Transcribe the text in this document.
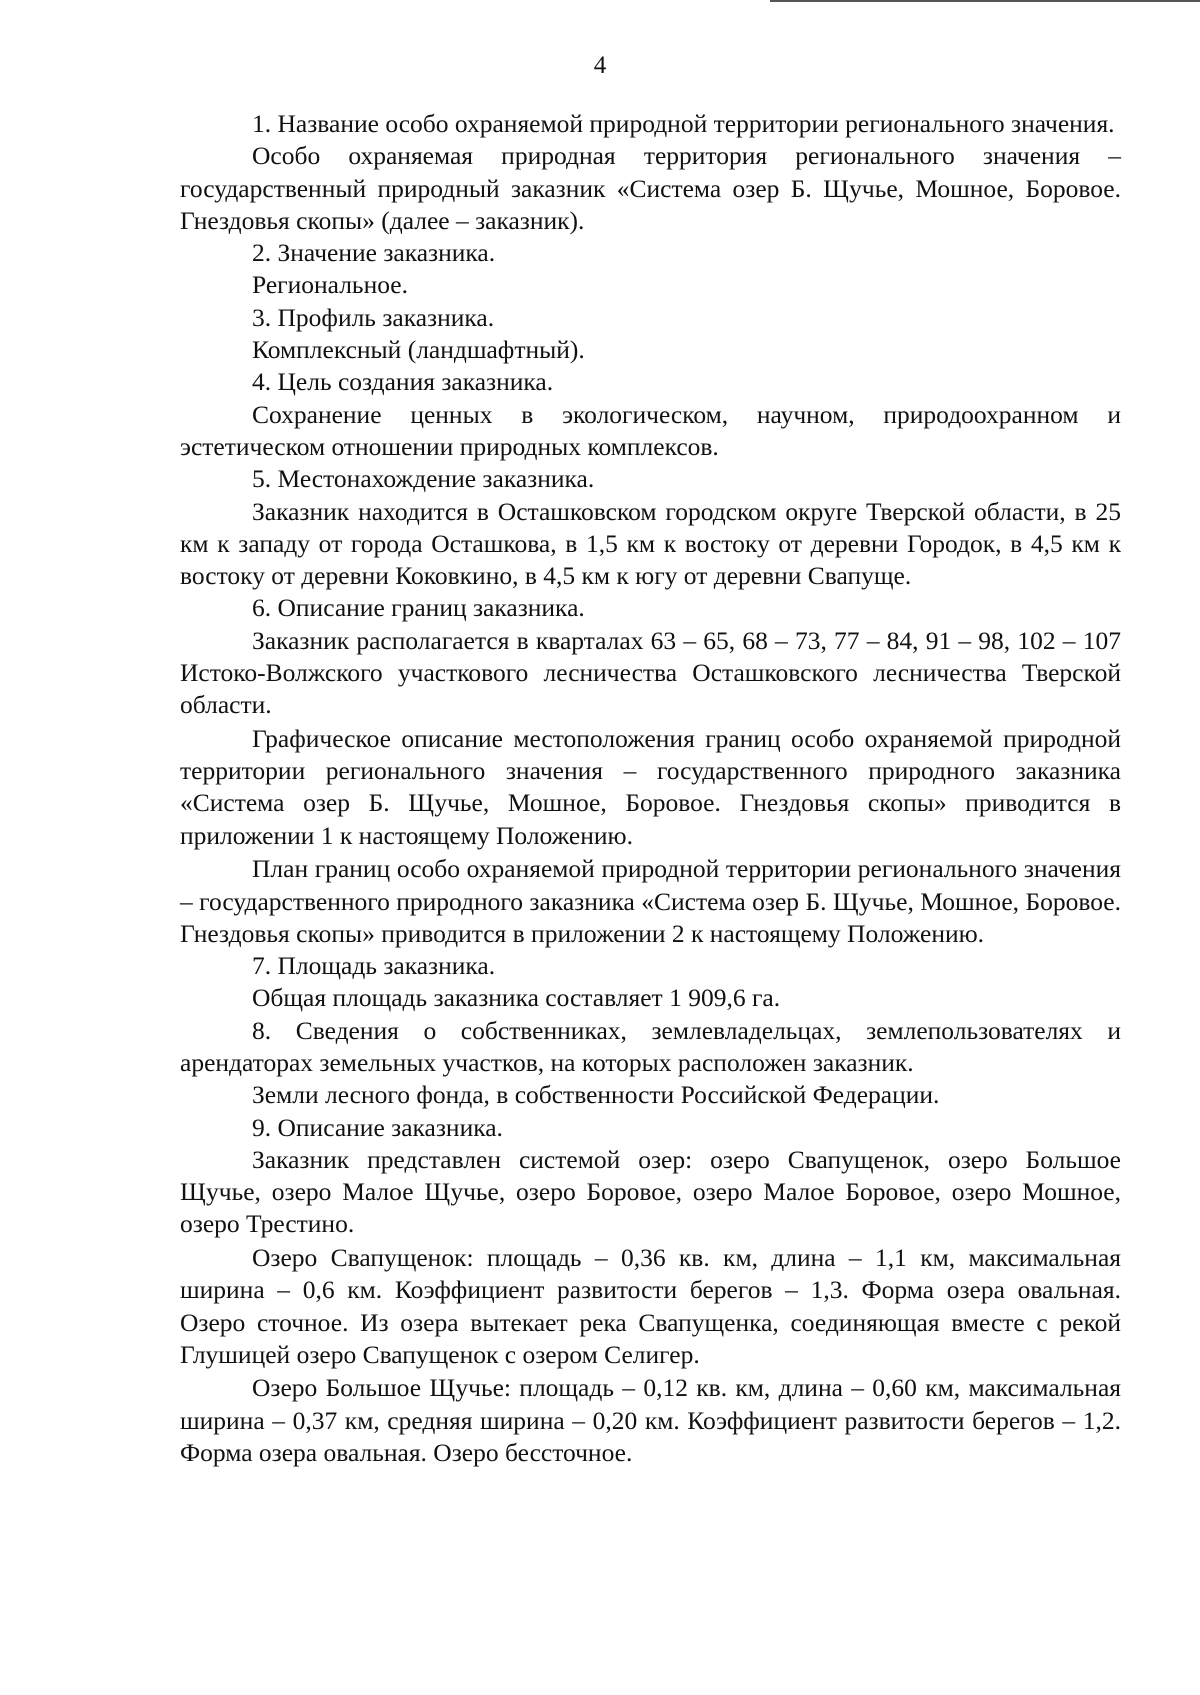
4

1. Название особо охраняемой природной территории регионального значения.

Особо охраняемая природная территория регионального значения – государственный природный заказник «Система озер Б. Щучье, Мошное, Боровое. Гнездовья скопы» (далее – заказник).

2. Значение заказника.

Региональное.

3. Профиль заказника.

Комплексный (ландшафтный).

4. Цель создания заказника.

Сохранение ценных в экологическом, научном, природоохранном и эстетическом отношении природных комплексов.

5. Местонахождение заказника.

Заказник находится в Осташковском городском округе Тверской области, в 25 км к западу от города Осташкова, в 1,5 км к востоку от деревни Городок, в 4,5 км к востоку от деревни Коковкино, в 4,5 км к югу от деревни Свапуще.

6. Описание границ заказника.

Заказник располагается в кварталах 63 – 65, 68 – 73, 77 – 84, 91 – 98, 102 – 107 Истоко-Волжского участкового лесничества Осташковского лесничества Тверской области.

Графическое описание местоположения границ особо охраняемой природной территории регионального значения – государственного природного заказника «Система озер Б. Щучье, Мошное, Боровое. Гнездовья скопы» приводится в приложении 1 к настоящему Положению.

План границ особо охраняемой природной территории регионального значения – государственного природного заказника «Система озер Б. Щучье, Мошное, Боровое. Гнездовья скопы» приводится в приложении 2 к настоящему Положению.

7. Площадь заказника.

Общая площадь заказника составляет 1 909,6 га.

8. Сведения о собственниках, землевладельцах, землепользователях и арендаторах земельных участков, на которых расположен заказник.

Земли лесного фонда, в собственности Российской Федерации.

9. Описание заказника.

Заказник представлен системой озер: озеро Свапущенок, озеро Большое Щучье, озеро Малое Щучье, озеро Боровое, озеро Малое Боровое, озеро Мошное, озеро Трестино.

Озеро Свапущенок: площадь – 0,36 кв. км, длина – 1,1 км, максимальная ширина – 0,6 км. Коэффициент развитости берегов – 1,3. Форма озера овальная. Озеро сточное. Из озера вытекает река Свапущенка, соединяющая вместе с рекой Глушицей озеро Свапущенок с озером Селигер.

Озеро Большое Щучье: площадь – 0,12 кв. км, длина – 0,60 км, максимальная ширина – 0,37 км, средняя ширина – 0,20 км. Коэффициент развитости берегов – 1,2. Форма озера овальная. Озеро бессточное.
